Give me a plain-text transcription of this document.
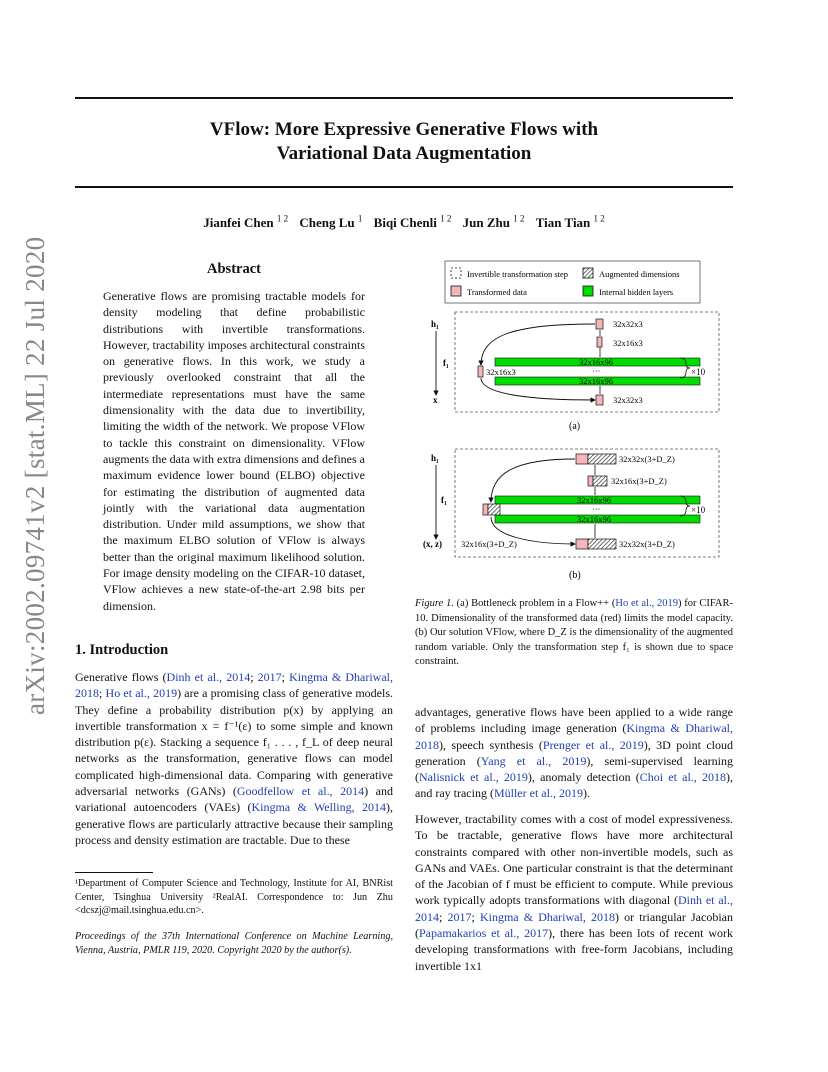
VFlow: More Expressive Generative Flows with
Variational Data Augmentation
Jianfei Chen $^{1 2}$ Cheng Lu $^1$ Biqi Chenli $^{1 2}$ Jun Zhu $^{1 2}$ Tian Tian $^{1 2}$
arXiv:2002.09741v2 [stat.ML] 22 Jul 2020	Abstract
Generative flows are promising tractable models for density modeling that define probabilistic distributions with invertible transformations. However, tractability imposes architectural constraints on generative flows. In this work, we study a previously overlooked constraint that all the intermediate representations must have the same dimensionality with the data due to invertibility, limiting the width of the network. We propose VFlow to tackle this constraint on dimensionality. VFlow augments the data with extra dimensions and defines a maximum evidence lower bound (ELBO) objective for estimating the distribution of augmented data jointly with the variational data augmentation distribution. Under mild assumptions, we show that the maximum ELBO solution of VFlow is always better than the original maximum likelihood solution. For image density modeling on the CIFAR-10 dataset, VFlow achieves a new state-of-the-art 2.98 bits per dimension.
1. Introduction
Generative flows (Dinh et al., 2014; 2017; Kingma & Dhariwal, 2018; Ho et al., 2019) are a promising class of generative models. They define a probability distribution p(x) by applying an invertible transformation x = f⁻¹(ε) to some simple and known distribution p(ε). Stacking a sequence f₁ . . . , f_L of deep neural networks as the transformation, generative flows can model complicated high-dimensional data. Comparing with generative adversarial networks (GANs) (Goodfellow et al., 2014) and variational autoencoders (VAEs) (Kingma & Welling, 2014), generative flows are particularly attractive because their sampling process and density estimation are tractable. Due to these
¹Department of Computer Science and Technology, Institute for AI, BNRist Center, Tsinghua University ²RealAI. Correspondence to: Jun Zhu <dcszj@mail.tsinghua.edu.cn>.
Proceedings of the 37th International Conference on Machine Learning, Vienna, Austria, PMLR 119, 2020. Copyright 2020 by the author(s).
Invertible transformation step	Augmented dimensions
Transformed data	Internal hidden layers
h₁
f₁
x
32x32x3
32x16x3
32x16x96
···
32x16x96
32x16x3
32x32x3
×10
(a)
h₁
f₁
(x, z)
32x32x(3+D_Z)
32x16x(3+D_Z)
32x16x96
···
32x16x96
32x16x(3+D_Z)	32x32x(3+D_Z)
×10
(b)
Figure 1. (a) Bottleneck problem in a Flow++ (Ho et al., 2019) for CIFAR-10. Dimensionality of the transformed data (red) limits the model capacity. (b) Our solution VFlow, where D_Z is the dimensionality of the augmented random variable. Only the transformation step f₁ is shown due to space constraint.
advantages, generative flows have been applied to a wide range of problems including image generation (Kingma & Dhariwal, 2018), speech synthesis (Prenger et al., 2019), 3D point cloud generation (Yang et al., 2019), semi-supervised learning (Nalisnick et al., 2019), anomaly detection (Choi et al., 2018), and ray tracing (Müller et al., 2019).
However, tractability comes with a cost of model expressiveness. To be tractable, generative flows have more architectural constraints compared with other non-invertible models, such as GANs and VAEs. One particular constraint is that the determinant of the Jacobian of f must be efficient to compute. While previous work typically adopts transformations with diagonal (Dinh et al., 2014; 2017; Kingma & Dhariwal, 2018) or triangular Jacobian (Papamakarios et al., 2017), there has been lots of recent work developing transformations with free-form Jacobians, including invertible 1x1
